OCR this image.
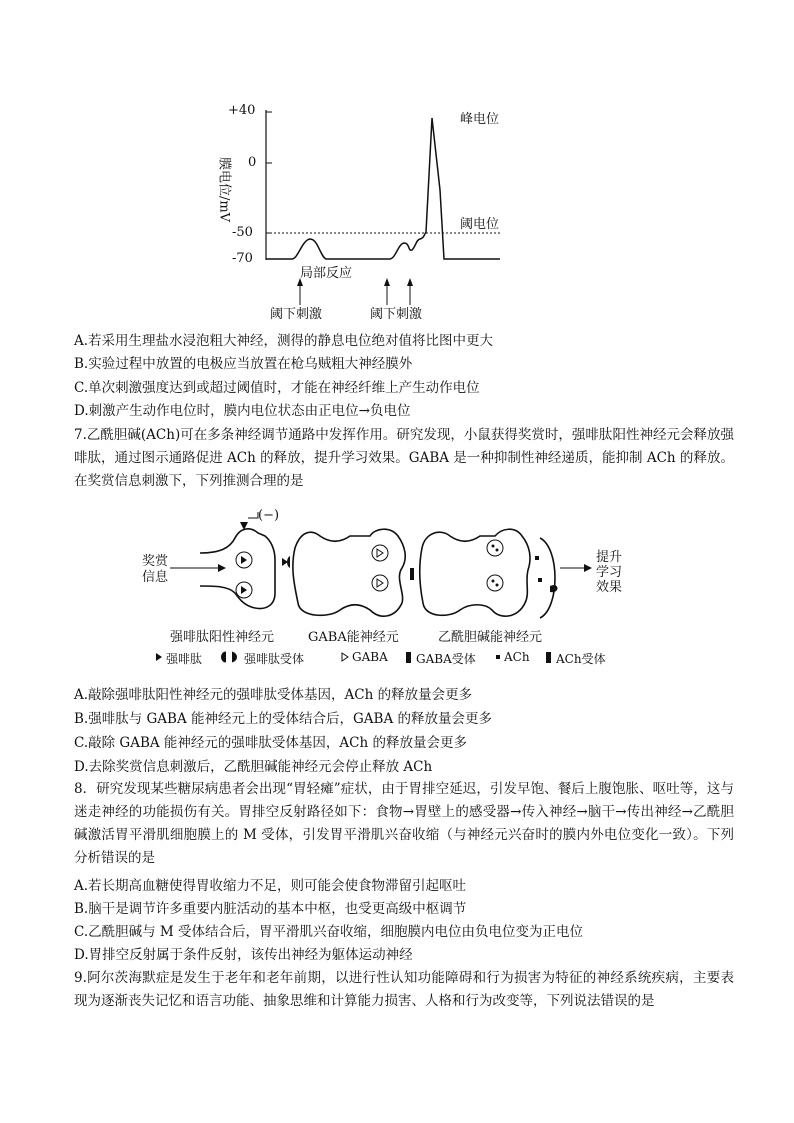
+40
0
-50
-70
膜电位/mV
峰电位
阈电位
局部反应
阈下刺激	阈下刺激
A.若采用生理盐水浸泡粗大神经，测得的静息电位绝对值将比图中更大
B.实验过程中放置的电极应当放置在枪乌贼粗大神经膜外
C.单次刺激强度达到或超过阈值时，才能在神经纤维上产生动作电位
D.刺激产生动作电位时，膜内电位状态由正电位→负电位
7.乙酰胆碱(ACh)可在多条神经调节通路中发挥作用。研究发现，小鼠获得奖赏时，强啡肽阳性神经元会释放强啡肽，通过图示通路促进 ACh 的释放，提升学习效果。GABA 是一种抑制性神经递质，能抑制 ACh 的释放。在奖赏信息刺激下，下列推测合理的是
奖赏
信息
(−)
提升
学习
效果
强啡肽阳性神经元	GABA能神经元	乙酰胆碱能神经元
强啡肽	强啡肽受体	GABA GABA受体 ACh ACh受体
A.敲除强啡肽阳性神经元的强啡肽受体基因，ACh 的释放量会更多
B.强啡肽与 GABA 能神经元上的受体结合后，GABA 的释放量会更多
C.敲除 GABA 能神经元的强啡肽受体基因，ACh 的释放量会更多
D.去除奖赏信息刺激后，乙酰胆碱能神经元会停止释放 ACh
8．研究发现某些糖尿病患者会出现“胃轻瘫”症状，由于胃排空延迟，引发早饱、餐后上腹饱胀、呕吐等，这与迷走神经的功能损伤有关。胃排空反射路径如下：食物→胃壁上的感受器→传入神经→脑干→传出神经→乙酰胆碱激活胃平滑肌细胞膜上的 M 受体，引发胃平滑肌兴奋收缩（与神经元兴奋时的膜内外电位变化一致）。下列分析错误的是
A.若长期高血糖使得胃收缩力不足，则可能会使食物滞留引起呕吐
B.脑干是调节许多重要内脏活动的基本中枢，也受更高级中枢调节
C.乙酰胆碱与 M 受体结合后，胃平滑肌兴奋收缩，细胞膜内电位由负电位变为正电位
D.胃排空反射属于条件反射，该传出神经为躯体运动神经
9.阿尔茨海默症是发生于老年和老年前期，以进行性认知功能障碍和行为损害为特征的神经系统疾病，主要表现为逐渐丧失记忆和语言功能、抽象思维和计算能力损害、人格和行为改变等，下列说法错误的是
